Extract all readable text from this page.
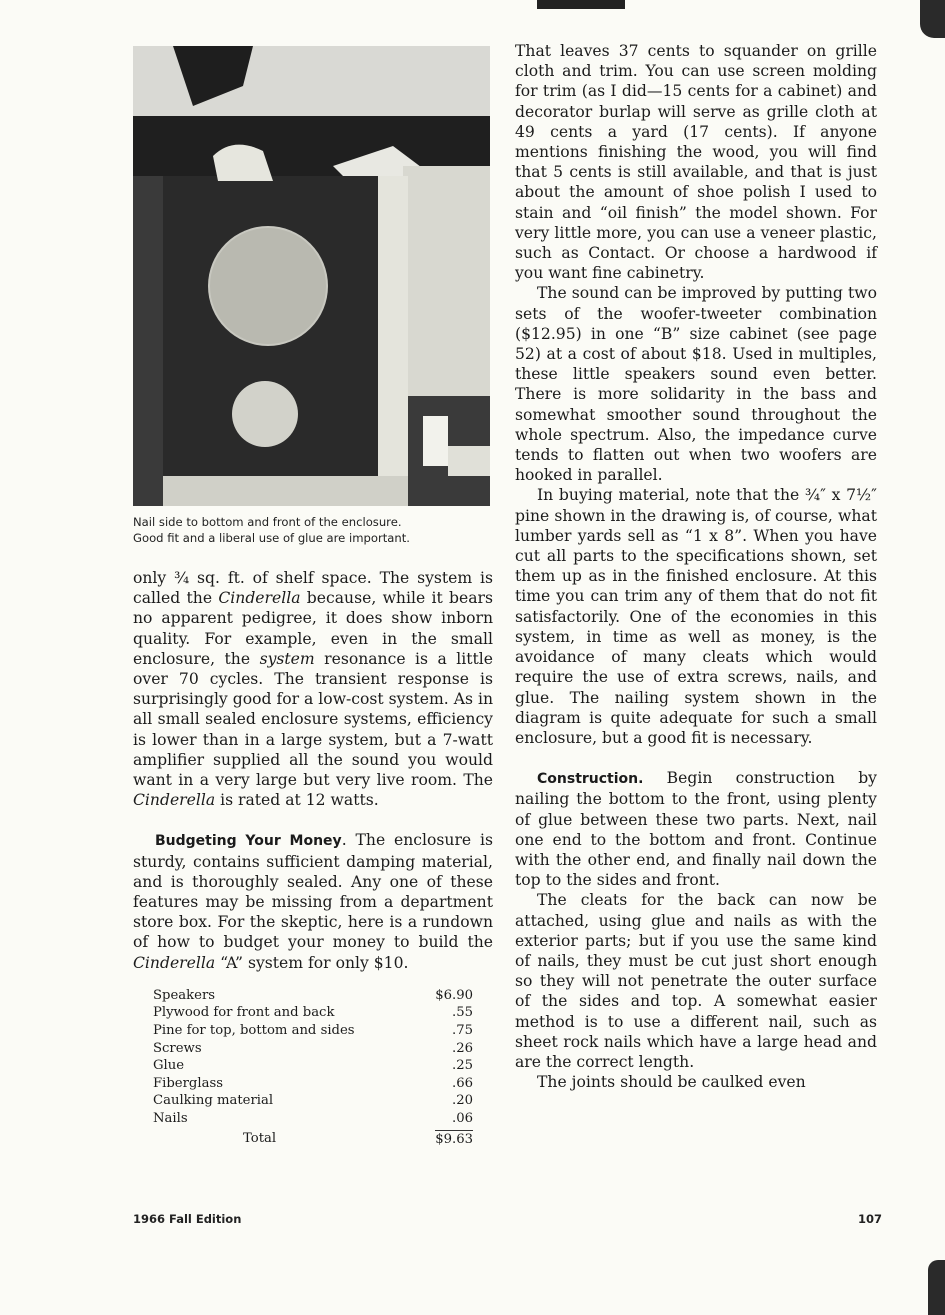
Nail side to bottom and front of the enclosure.
Good fit and a liberal use of glue are important.

only ¾ sq. ft. of shelf space. The system is called the Cinderella because, while it bears no apparent pedigree, it does show inborn quality. For example, even in the small enclosure, the system resonance is a little over 70 cycles. The transient response is surprisingly good for a low-cost system. As in all small sealed enclosure systems, efficiency is lower than in a large system, but a 7-watt amplifier supplied all the sound you would want in a very large but very live room. The Cinderella is rated at 12 watts.

Budgeting Your Money. The enclosure is sturdy, contains sufficient damping material, and is thoroughly sealed. Any one of these features may be missing from a department store box. For the skeptic, here is a rundown of how to budget your money to build the Cinderella “A” system for only $10.

Speakers	$6.90
Plywood for front and back	.55
Pine for top, bottom and sides	.75
Screws	.26
Glue	.25
Fiberglass	.66
Caulking material	.20
Nails	.06
Total	$9.63

That leaves 37 cents to squander on grille cloth and trim. You can use screen molding for trim (as I did—15 cents for a cabinet) and decorator burlap will serve as grille cloth at 49 cents a yard (17 cents). If anyone mentions finishing the wood, you will find that 5 cents is still available, and that is just about the amount of shoe polish I used to stain and “oil finish” the model shown. For very little more, you can use a veneer plastic, such as Contact. Or choose a hardwood if you want fine cabinetry.

The sound can be improved by putting two sets of the woofer-tweeter combination ($12.95) in one “B” size cabinet (see page 52) at a cost of about $18. Used in multiples, these little speakers sound even better. There is more solidarity in the bass and somewhat smoother sound throughout the whole spectrum. Also, the impedance curve tends to flatten out when two woofers are hooked in parallel.

In buying material, note that the ¾″ x 7½″ pine shown in the drawing is, of course, what lumber yards sell as “1 x 8”. When you have cut all parts to the specifications shown, set them up as in the finished enclosure. At this time you can trim any of them that do not fit satisfactorily. One of the economies in this system, in time as well as money, is the avoidance of many cleats which would require the use of extra screws, nails, and glue. The nailing system shown in the diagram is quite adequate for such a small enclosure, but a good fit is necessary.

Construction. Begin construction by nailing the bottom to the front, using plenty of glue between these two parts. Next, nail one end to the bottom and front. Continue with the other end, and finally nail down the top to the sides and front.

The cleats for the back can now be attached, using glue and nails as with the exterior parts; but if you use the same kind of nails, they must be cut just short enough so they will not penetrate the outer surface of the sides and top. A somewhat easier method is to use a different nail, such as sheet rock nails which have a large head and are the correct length.

The joints should be caulked even

1966 Fall Edition	107
